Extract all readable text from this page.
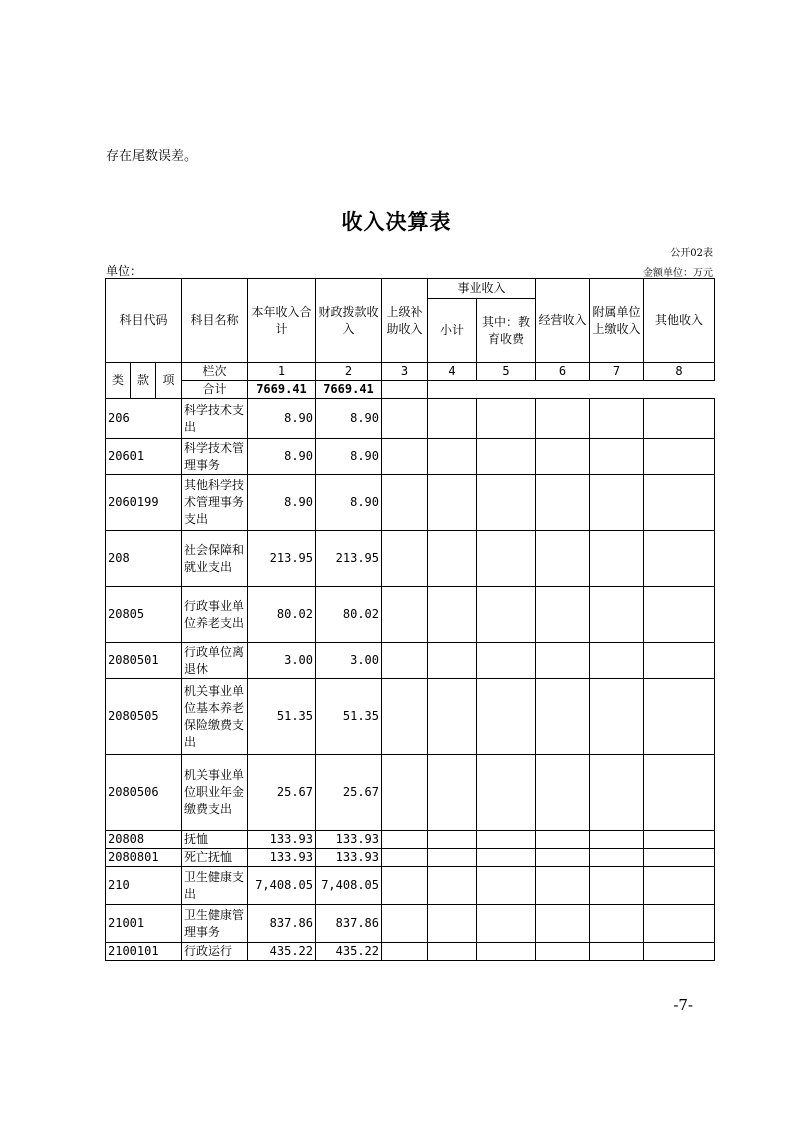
存在尾数误差。
收入决算表
公开02表
单位：	金额单位：万元
科目代码			科目名称	本年收入合计	财政拨款收入	上级补助收入	事业收入		经营收入	附属单位上缴收入	其他收入
							小计	其中：教育收费			
类	款	项	栏次	1	2	3	4	5	6	7	8
			合计	7669.41	7669.41						
206			科学技术支出	8.90	8.90						
20601			科学技术管理事务	8.90	8.90						
2060199			其他科学技术管理事务支出	8.90	8.90						
208			社会保障和就业支出	213.95	213.95						
20805			行政事业单位养老支出	80.02	80.02						
2080501			行政单位离退休	3.00	3.00						
2080505			机关事业单位基本养老保险缴费支出	51.35	51.35						
2080506			机关事业单位职业年金缴费支出	25.67	25.67						
20808			抚恤	133.93	133.93						
2080801			死亡抚恤	133.93	133.93						
210			卫生健康支出	7,408.05	7,408.05						
21001			卫生健康管理事务	837.86	837.86						
2100101			行政运行	435.22	435.22						
-7-
